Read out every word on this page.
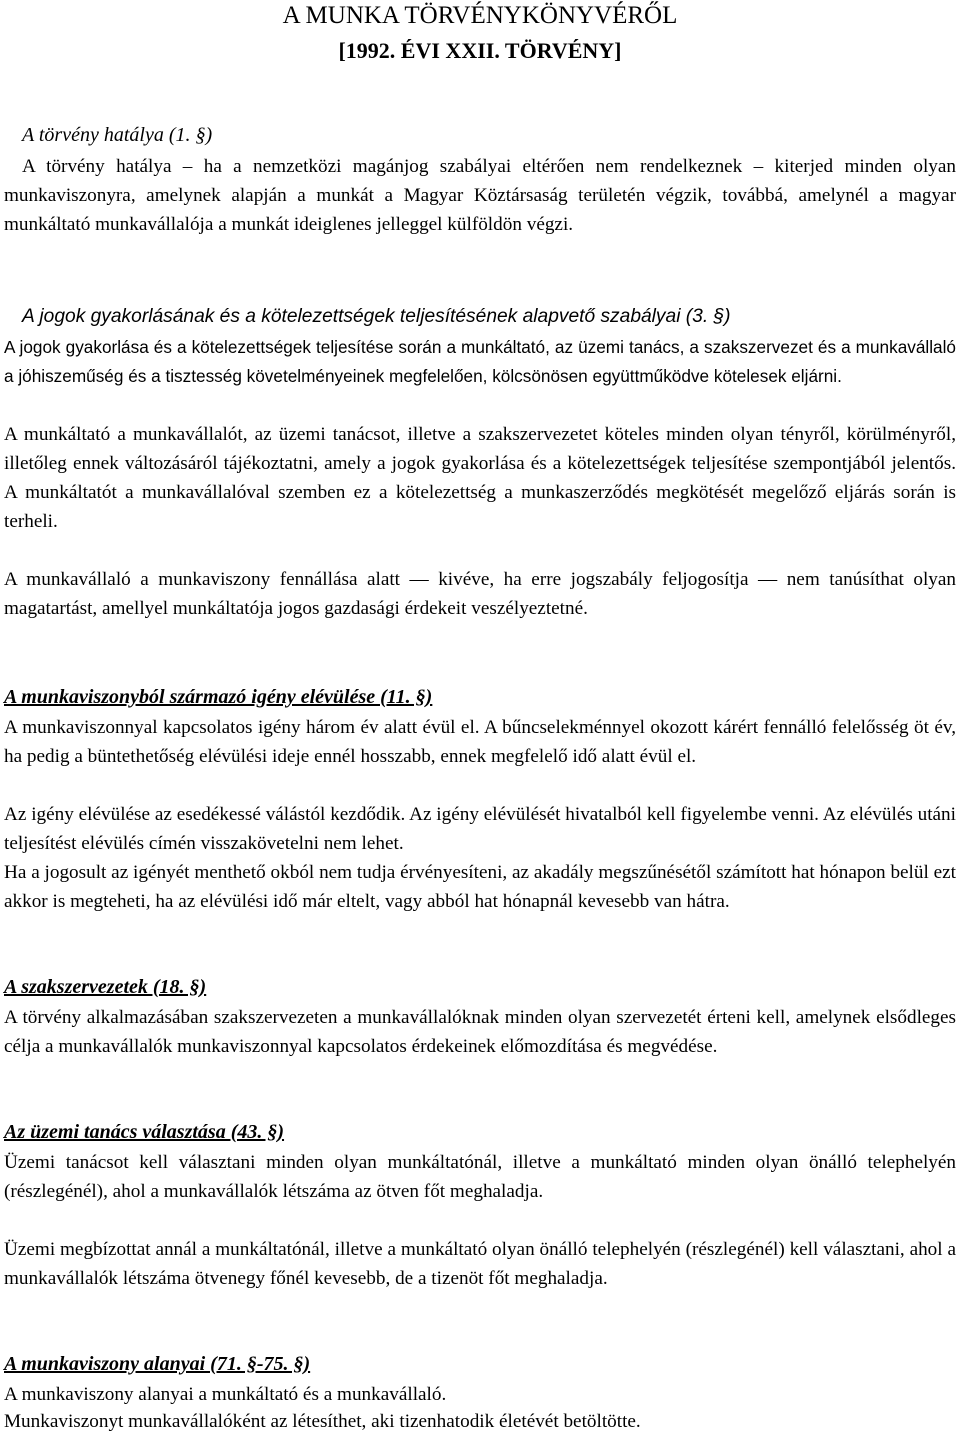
A MUNKA TÖRVÉNYKÖNYVÉRŐL
[1992. ÉVI XXII. TÖRVÉNY]
A törvény hatálya (1. §)
A törvény hatálya – ha a nemzetközi magánjog szabályai eltérően nem rendelkeznek – kiterjed minden olyan munkaviszonyra, amelynek alapján a munkát a Magyar Köztársaság területén végzik, továbbá, amelynél a magyar munkáltató munkavállalója a munkát ideiglenes jelleggel külföldön végzi.
A jogok gyakorlásának és a kötelezettségek teljesítésének alapvető szabályai (3. §)
A jogok gyakorlása és a kötelezettségek teljesítése során a munkáltató, az üzemi tanács, a szakszervezet és a munkavállaló a jóhiszeműség és a tisztesség követelményeinek megfelelően, kölcsönösen együttműködve kötelesek eljárni.
A munkáltató a munkavállalót, az üzemi tanácsot, illetve a szakszervezetet köteles minden olyan tényről, körülményről, illetőleg ennek változásáról tájékoztatni, amely a jogok gyakorlása és a kötelezettségek teljesítése szempontjából jelentős. A munkáltatót a munkavállalóval szemben ez a kötelezettség a munkaszerződés megkötését megelőző eljárás során is terheli.
A munkavállaló a munkaviszony fennállása alatt — kivéve, ha erre jogszabály feljogosítja — nem tanúsíthat olyan magatartást, amellyel munkáltatója jogos gazdasági érdekeit veszélyeztetné.
A munkaviszonyból származó igény elévülése (11. §)
A munkaviszonnyal kapcsolatos igény három év alatt évül el. A bűncselekménnyel okozott kárért fennálló felelősség öt év, ha pedig a büntethetőség elévülési ideje ennél hosszabb, ennek megfelelő idő alatt évül el.
Az igény elévülése az esedékessé válástól kezdődik. Az igény elévülését hivatalból kell figyelembe venni. Az elévülés utáni teljesítést elévülés címén visszakövetelni nem lehet.
Ha a jogosult az igényét menthető okból nem tudja érvényesíteni, az akadály megszűnésétől számított hat hónapon belül ezt akkor is megteheti, ha az elévülési idő már eltelt, vagy abból hat hónapnál kevesebb van hátra.
A szakszervezetek (18. §)
A törvény alkalmazásában szakszervezeten a munkavállalóknak minden olyan szervezetét érteni kell, amelynek elsődleges célja a munkavállalók munkaviszonnyal kapcsolatos érdekeinek előmozdítása és megvédése.
Az üzemi tanács választása (43. §)
Üzemi tanácsot kell választani minden olyan munkáltatónál, illetve a munkáltató minden olyan önálló telephelyén (részlegénél), ahol a munkavállalók létszáma az ötven főt meghaladja.
Üzemi megbízottat annál a munkáltatónál, illetve a munkáltató olyan önálló telephelyén (részlegénél) kell választani, ahol a munkavállalók létszáma ötvenegy főnél kevesebb, de a tizenöt főt meghaladja.
A munkaviszony alanyai (71. §-75. §)
A munkaviszony alanyai a munkáltató és a munkavállaló.
Munkaviszonyt munkavállalóként az létesíthet, aki tizenhatodik életévét betöltötte.
